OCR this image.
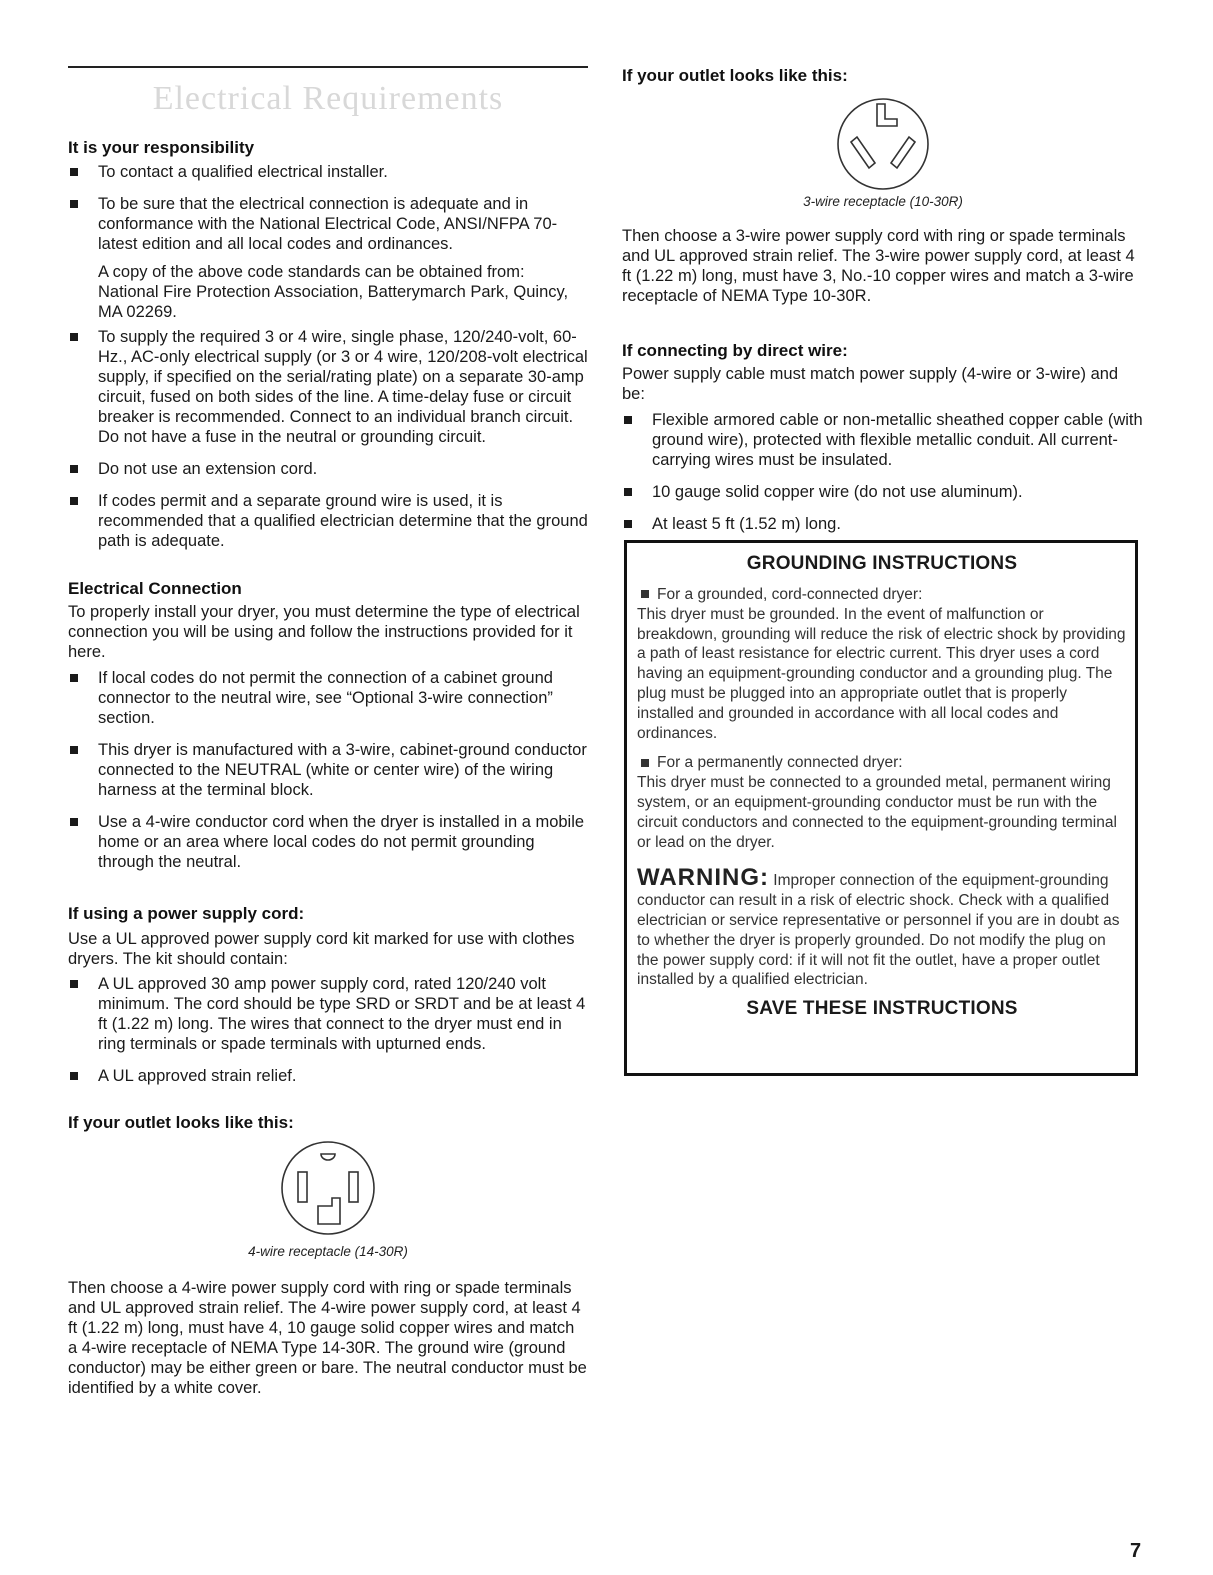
Electrical Requirements
It is your responsibility
To contact a qualified electrical installer.
To be sure that the electrical connection is adequate and in conformance with the National Electrical Code, ANSI/NFPA 70-latest edition and all local codes and ordinances.

A copy of the above code standards can be obtained from: National Fire Protection Association, Batterymarch Park, Quincy, MA 02269.

To supply the required 3 or 4 wire, single phase, 120/240-volt, 60-Hz., AC-only electrical supply (or 3 or 4 wire, 120/208-volt electrical supply, if specified on the serial/rating plate) on a separate 30-amp circuit, fused on both sides of the line. A time-delay fuse or circuit breaker is recommended. Connect to an individual branch circuit. Do not have a fuse in the neutral or grounding circuit.
Do not use an extension cord.
If codes permit and a separate ground wire is used, it is recommended that a qualified electrician determine that the ground path is adequate.
Electrical Connection

To properly install your dryer, you must determine the type of electrical connection you will be using and follow the instructions provided for it here.

If local codes do not permit the connection of a cabinet ground connector to the neutral wire, see “Optional 3-wire connection” section.
This dryer is manufactured with a 3-wire, cabinet-ground conductor connected to the NEUTRAL (white or center wire) of the wiring harness at the terminal block.
Use a 4-wire conductor cord when the dryer is installed in a mobile home or an area where local codes do not permit grounding through the neutral.
If using a power supply cord:

Use a UL approved power supply cord kit marked for use with clothes dryers. The kit should contain:

A UL approved 30 amp power supply cord, rated 120/240 volt minimum. The cord should be type SRD or SRDT and be at least 4 ft (1.22 m) long. The wires that connect to the dryer must end in ring terminals or spade terminals with upturned ends.
A UL approved strain relief.
If your outlet looks like this:
4-wire receptacle (14-30R)

Then choose a 4-wire power supply cord with ring or spade terminals and UL approved strain relief. The 4-wire power supply cord, at least 4 ft (1.22 m) long, must have 4, 10 gauge solid copper wires and match a 4-wire receptacle of NEMA Type 14-30R. The ground wire (ground conductor) may be either green or bare. The neutral conductor must be identified by a white cover.

If your outlet looks like this:
3-wire receptacle (10-30R)

Then choose a 3-wire power supply cord with ring or spade terminals and UL approved strain relief. The 3-wire power supply cord, at least 4 ft (1.22 m) long, must have 3, No.-10 copper wires and match a 3-wire receptacle of NEMA Type 10-30R.

If connecting by direct wire:

Power supply cable must match power supply (4-wire or 3-wire) and be:

Flexible armored cable or non-metallic sheathed copper cable (with ground wire), protected with flexible metallic conduit. All current-carrying wires must be insulated.
10 gauge solid copper wire (do not use aluminum).
At least 5 ft (1.52 m) long.
GROUNDING INSTRUCTIONS

For a grounded, cord-connected dryer:

This dryer must be grounded. In the event of malfunction or breakdown, grounding will reduce the risk of electric shock by providing a path of least resistance for electric current. This dryer uses a cord having an equipment-grounding conductor and a grounding plug. The plug must be plugged into an appropriate outlet that is properly installed and grounded in accordance with all local codes and ordinances.

For a permanently connected dryer:

This dryer must be connected to a grounded metal, permanent wiring system, or an equipment-grounding conductor must be run with the circuit conductors and connected to the equipment-grounding terminal or lead on the dryer.

WARNING: Improper connection of the equipment-grounding conductor can result in a risk of electric shock. Check with a qualified electrician or service representative or personnel if you are in doubt as to whether the dryer is properly grounded. Do not modify the plug on the power supply cord: if it will not fit the outlet, have a proper outlet installed by a qualified electrician.

SAVE THESE INSTRUCTIONS
7
